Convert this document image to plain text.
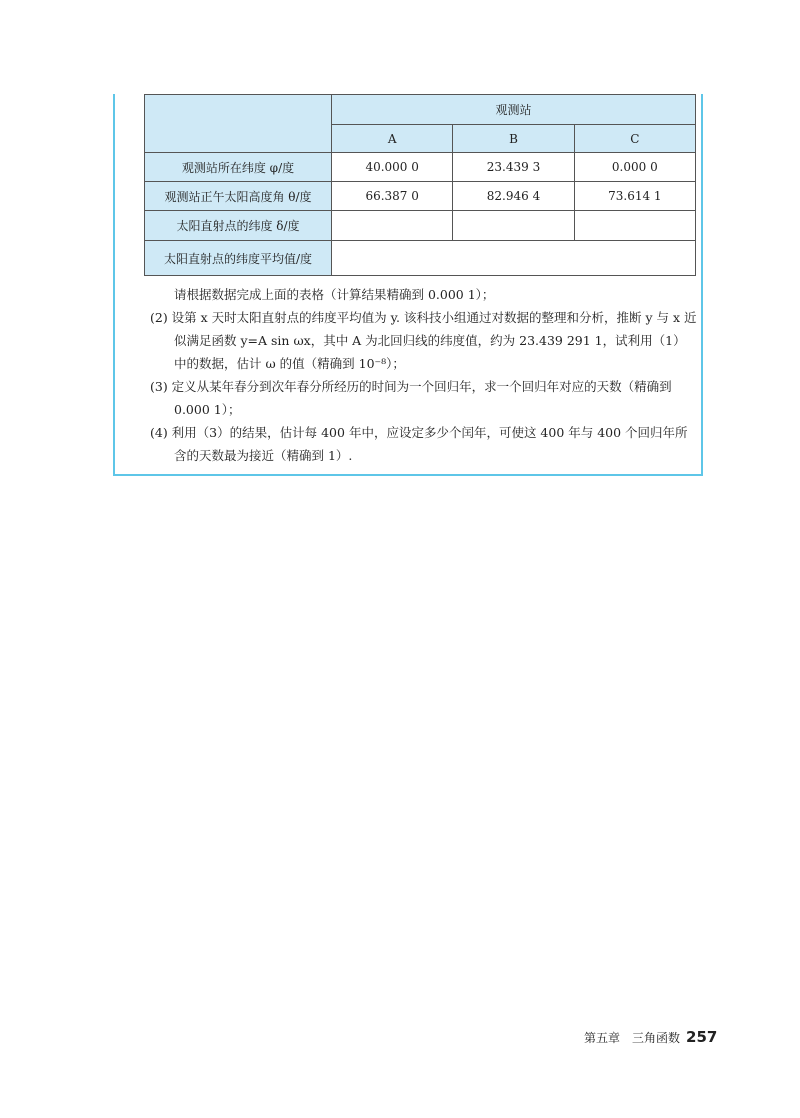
	观测站		
	A	B	C
观测站所在纬度 φ/度	40.000 0	23.439 3	0.000 0
观测站正午太阳高度角 θ/度	66.387 0	82.946 4	73.614 1
太阳直射点的纬度 δ/度			
太阳直射点的纬度平均值/度			

请根据数据完成上面的表格（计算结果精确到 0.000 1）；

(2) 设第 x 天时太阳直射点的纬度平均值为 y. 该科技小组通过对数据的整理和分析，推断 y 与 x 近似满足函数 y=A sin ωx，其中 A 为北回归线的纬度值，约为 23.439 291 1，试利用（1）中的数据，估计 ω 的值（精确到 10⁻⁸）；

(3) 定义从某年春分到次年春分所经历的时间为一个回归年，求一个回归年对应的天数（精确到 0.000 1）；

(4) 利用（3）的结果，估计每 400 年中，应设定多少个闰年，可使这 400 年与 400 个回归年所含的天数最为接近（精确到 1）.

第五章　三角函数 257
